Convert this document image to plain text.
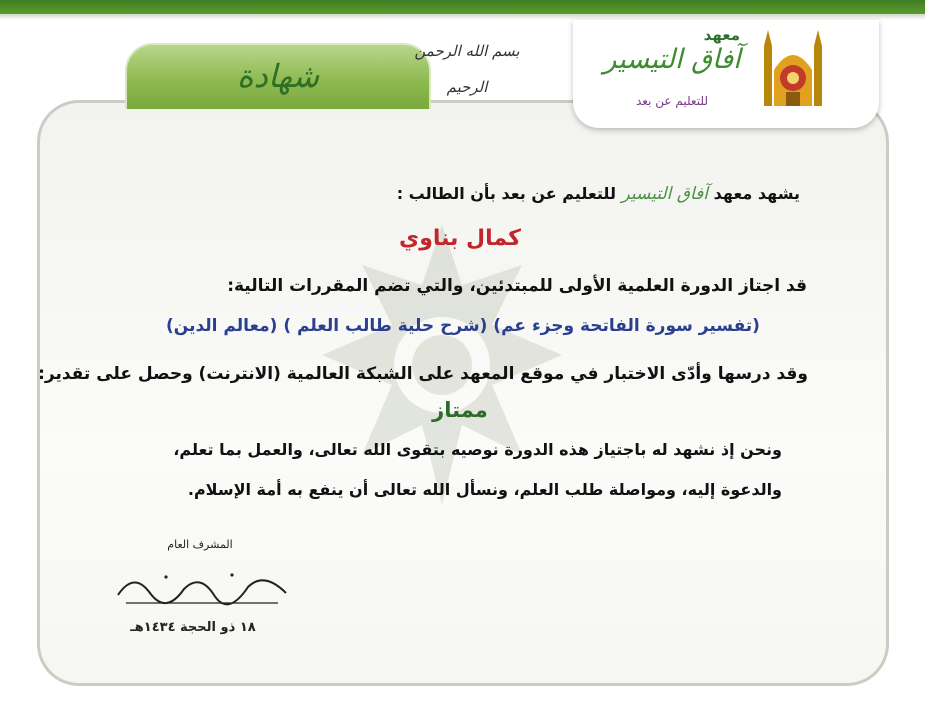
شهادة
بسم الله الرحمن الرحيم
معهد
آفاق التيسير
للتعليم عن بعد
يشهد معهد آفاق التيسير للتعليم عن بعد بأن الطالب :
كمال بناوي
قد اجتاز الدورة العلمية الأولى للمبتدئين، والتي تضم المقررات التالية:
(تفسير سورة الفاتحة وجزء عم) (شرح حلية طالب العلم ) (معالم الدين)
وقد درسها وأدّى الاختبار في موقع المعهد على الشبكة العالمية (الانترنت) وحصل على تقدير:
ممتاز
ونحن إذ نشهد له باجتياز هذه الدورة نوصيه بتقوى الله تعالى، والعمل بما تعلم،
والدعوة إليه، ومواصلة طلب العلم، ونسأل الله تعالى أن ينفع به أمة الإسلام.
المشرف العام
١٨ ذو الحجة ١٤٣٤هـ
